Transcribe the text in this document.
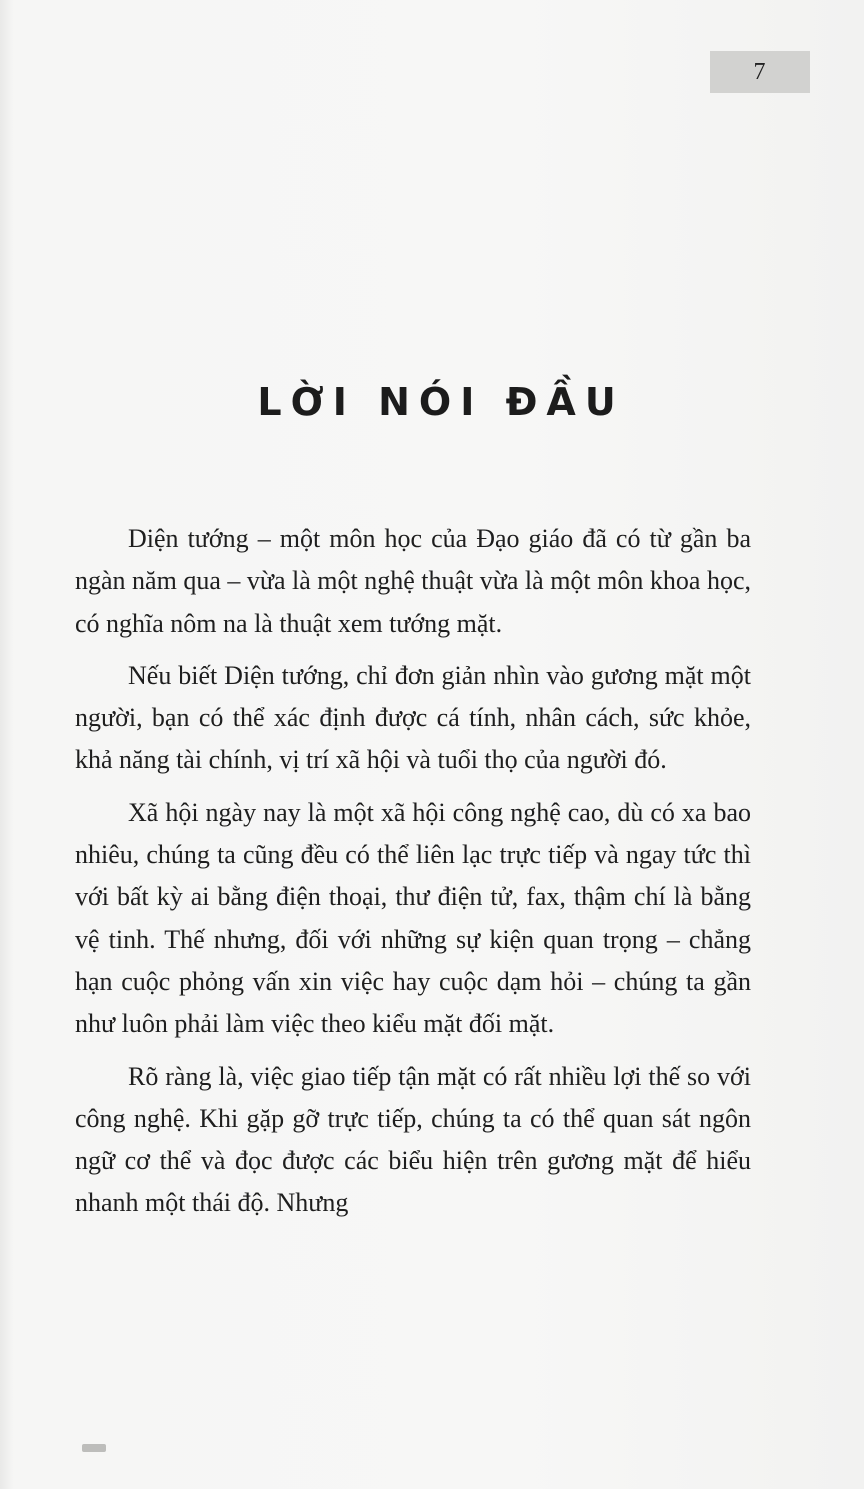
7
LỜI NÓI ĐẦU

Diện tướng – một môn học của Đạo giáo đã có từ gần ba ngàn năm qua – vừa là một nghệ thuật vừa là một môn khoa học, có nghĩa nôm na là thuật xem tướng mặt.

Nếu biết Diện tướng, chỉ đơn giản nhìn vào gương mặt một người, bạn có thể xác định được cá tính, nhân cách, sức khỏe, khả năng tài chính, vị trí xã hội và tuổi thọ của người đó.

Xã hội ngày nay là một xã hội công nghệ cao, dù có xa bao nhiêu, chúng ta cũng đều có thể liên lạc trực tiếp và ngay tức thì với bất kỳ ai bằng điện thoại, thư điện tử, fax, thậm chí là bằng vệ tinh. Thế nhưng, đối với những sự kiện quan trọng – chẳng hạn cuộc phỏng vấn xin việc hay cuộc dạm hỏi – chúng ta gần như luôn phải làm việc theo kiểu mặt đối mặt.

Rõ ràng là, việc giao tiếp tận mặt có rất nhiều lợi thế so với công nghệ. Khi gặp gỡ trực tiếp, chúng ta có thể quan sát ngôn ngữ cơ thể và đọc được các biểu hiện trên gương mặt để hiểu nhanh một thái độ. Nhưng
